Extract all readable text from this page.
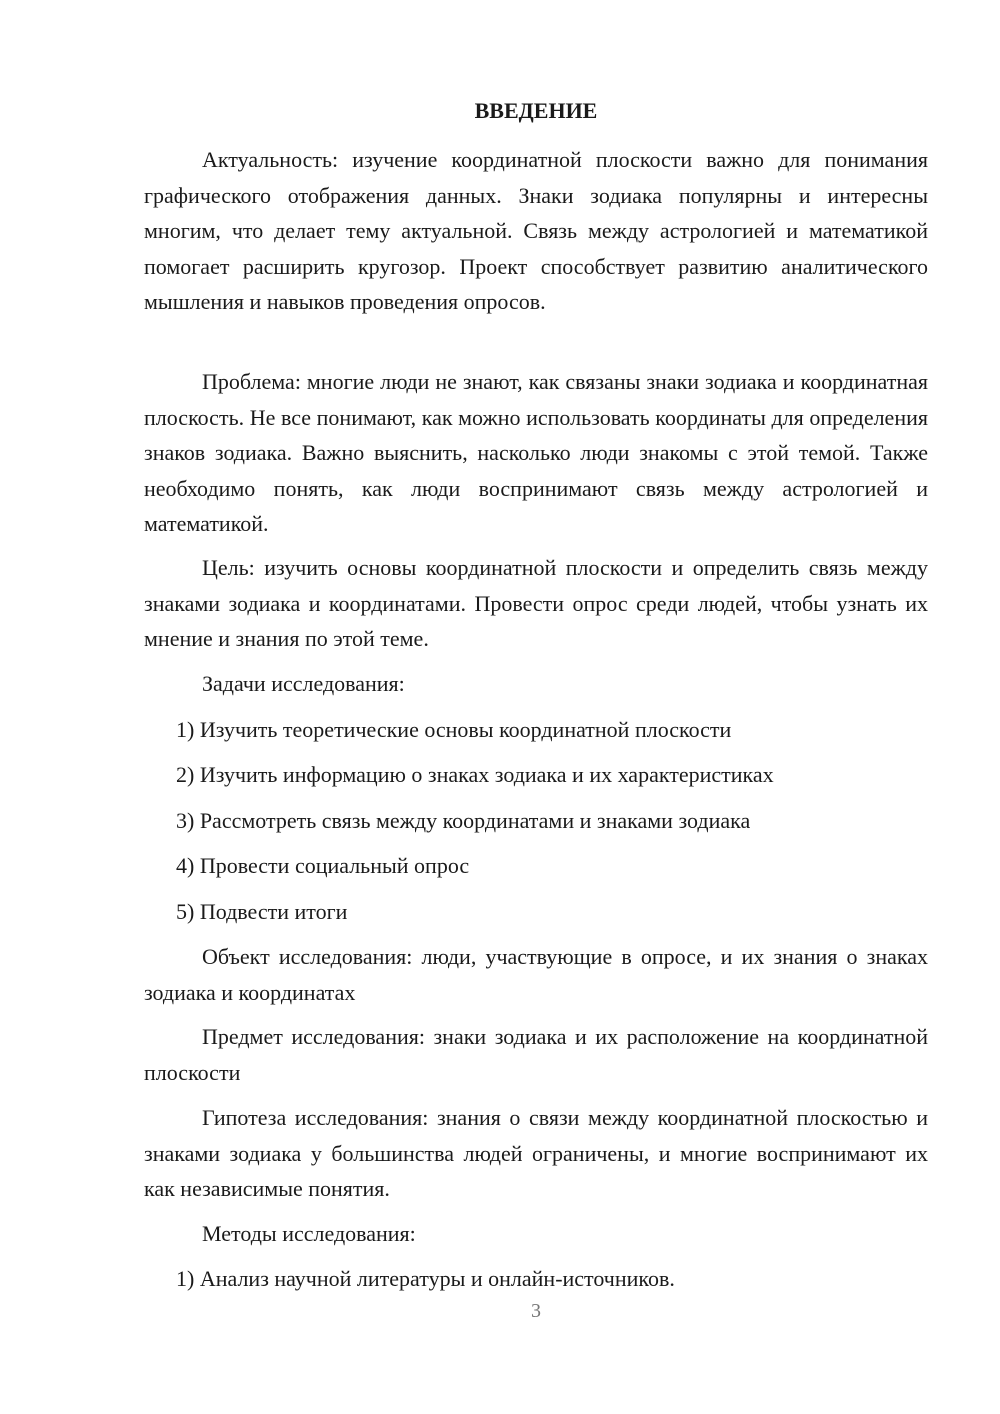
ВВЕДЕНИЕ

Актуальность: изучение координатной плоскости важно для понимания графического отображения данных. Знаки зодиака популярны и интересны многим, что делает тему актуальной. Связь между астрологией и математикой помогает расширить кругозор. Проект способствует развитию аналитического мышления и навыков проведения опросов.

Проблема: многие люди не знают, как связаны знаки зодиака и координатная плоскость. Не все понимают, как можно использовать координаты для определения знаков зодиака. Важно выяснить, насколько люди знакомы с этой темой. Также необходимо понять, как люди воспринимают связь между астрологией и математикой.

Цель: изучить основы координатной плоскости и определить связь между знаками зодиака и координатами. Провести опрос среди людей, чтобы узнать их мнение и знания по этой теме.

Задачи исследования:

1) Изучить теоретические основы координатной плоскости

2) Изучить информацию о знаках зодиака и их характеристиках

3) Рассмотреть связь между координатами и знаками зодиака

4) Провести социальный опрос

5) Подвести итоги

Объект исследования: люди, участвующие в опросе, и их знания о знаках зодиака и координатах

Предмет исследования: знаки зодиака и их расположение на координатной плоскости

Гипотеза исследования: знания о связи между координатной плоскостью и знаками зодиака у большинства людей ограничены, и многие воспринимают их как независимые понятия.

Методы исследования:

1) Анализ научной литературы и онлайн-источников.

3
